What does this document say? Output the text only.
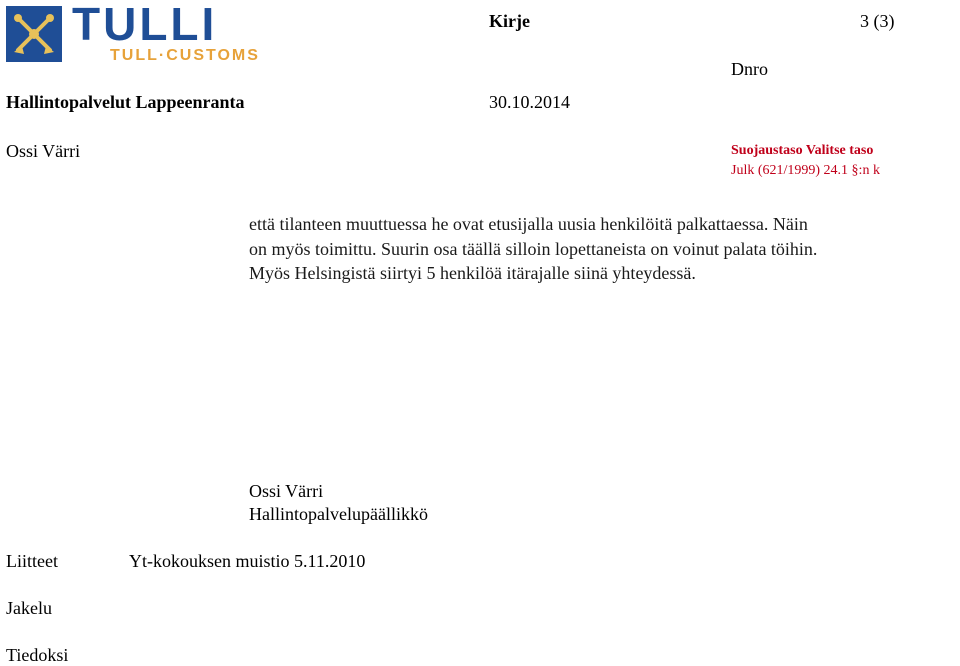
TULLI
TULL·CUSTOMS
Kirje	3 (3)
Dnro
Hallintopalvelut Lappeenranta	30.10.2014
Ossi Värri	Suojaustaso Valitse taso
Julk (621/1999) 24.1 §:n k
että tilanteen muuttuessa he ovat etusijalla uusia henkilöitä palkattaessa. Näin
on myös toimittu. Suurin osa täällä silloin lopettaneista on voinut palata töihin.
Myös Helsingistä siirtyi 5 henkilöä itärajalle siinä yhteydessä.
Ossi Värri
Hallintopalvelupäällikkö
Liitteet	Yt-kokouksen muistio 5.11.2010
Jakelu
Tiedoksi
